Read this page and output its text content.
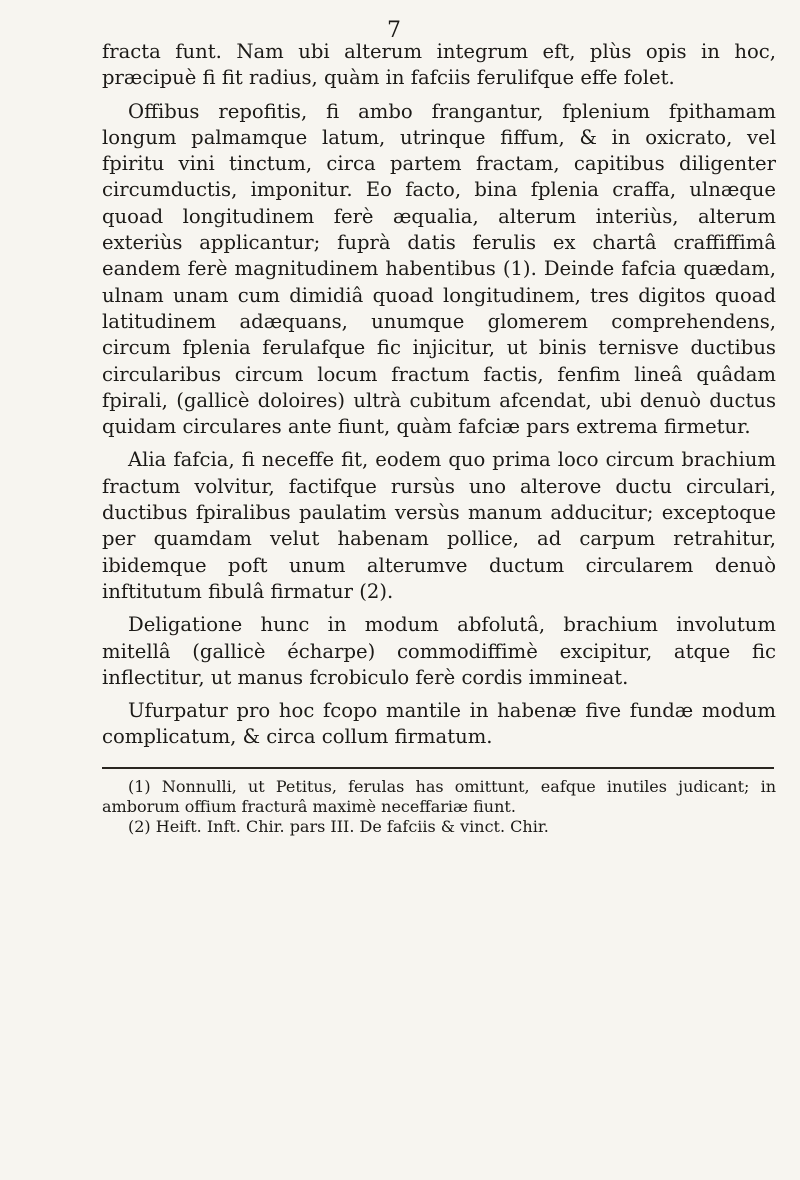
7

fracta funt. Nam ubi alterum integrum eft, plùs opis in hoc, præcipuè fi fit radius, quàm in fafciis ferulifque effe folet.

Offibus repofitis, fi ambo frangantur, fplenium fpithamam longum palmamque latum, utrinque fiffum, & in oxicrato, vel fpiritu vini tinctum, circa partem fractam, capitibus diligenter circumductis, imponitur. Eo facto, bina fplenia craffa, ulnæque quoad longitudinem ferè æqualia, alterum interiùs, alterum exteriùs applicantur; fuprà datis ferulis ex chartâ craffiffimâ eandem ferè magnitudinem habentibus (1). Deinde fafcia quædam, ulnam unam cum dimidiâ quoad longitudinem, tres digitos quoad latitudinem adæquans, unumque glomerem comprehendens, circum fplenia ferulafque fic injicitur, ut binis ternisve ductibus circularibus circum locum fractum factis, fenfim lineâ quâdam fpirali, (gallicè doloires) ultrà cubitum afcendat, ubi denuò ductus quidam circulares ante fiunt, quàm fafciæ pars extrema firmetur.

Alia fafcia, fi neceffe fit, eodem quo prima loco circum brachium fractum volvitur, factifque rursùs uno alterove ductu circulari, ductibus fpiralibus paulatim versùs manum adducitur; exceptoque per quamdam velut habenam pollice, ad carpum retrahitur, ibidemque poft unum alterumve ductum circularem denuò inftitutum fibulâ firmatur (2).

Deligatione hunc in modum abfolutâ, brachium involutum mitellâ (gallicè écharpe) commodiffimè excipitur, atque fic inflectitur, ut manus fcrobiculo ferè cordis immineat.

Ufurpatur pro hoc fcopo mantile in habenæ five fundæ modum complicatum, & circa collum firmatum.

(1) Nonnulli, ut Petitus, ferulas has omittunt, eafque inutiles judicant; in amborum offium fracturâ maximè neceffariæ fiunt.

(2) Heift. Inft. Chir. pars III. De fafciis & vinct. Chir.
